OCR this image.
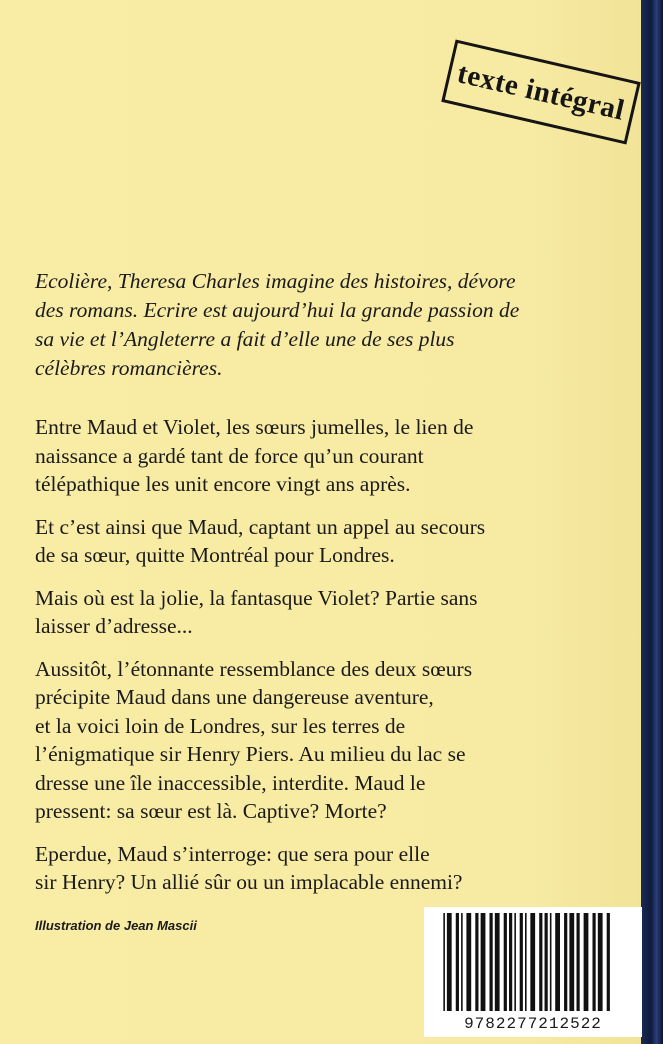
texte intégral

Ecolière, Theresa Charles imagine des histoires, dévore
des romans. Ecrire est aujourd’hui la grande passion de
sa vie et l’Angleterre a fait d’elle une de ses plus
célèbres romancières.

Entre Maud et Violet, les sœurs jumelles, le lien de
naissance a gardé tant de force qu’un courant
télépathique les unit encore vingt ans après.

Et c’est ainsi que Maud, captant un appel au secours
de sa sœur, quitte Montréal pour Londres.

Mais où est la jolie, la fantasque Violet? Partie sans
laisser d’adresse...

Aussitôt, l’étonnante ressemblance des deux sœurs
précipite Maud dans une dangereuse aventure,
et la voici loin de Londres, sur les terres de
l’énigmatique sir Henry Piers. Au milieu du lac se
dresse une île inaccessible, interdite. Maud le
pressent: sa sœur est là. Captive? Morte?

Eperdue, Maud s’interroge: que sera pour elle
sir Henry? Un allié sûr ou un implacable ennemi?

Illustration de Jean Mascii
9782277212522
